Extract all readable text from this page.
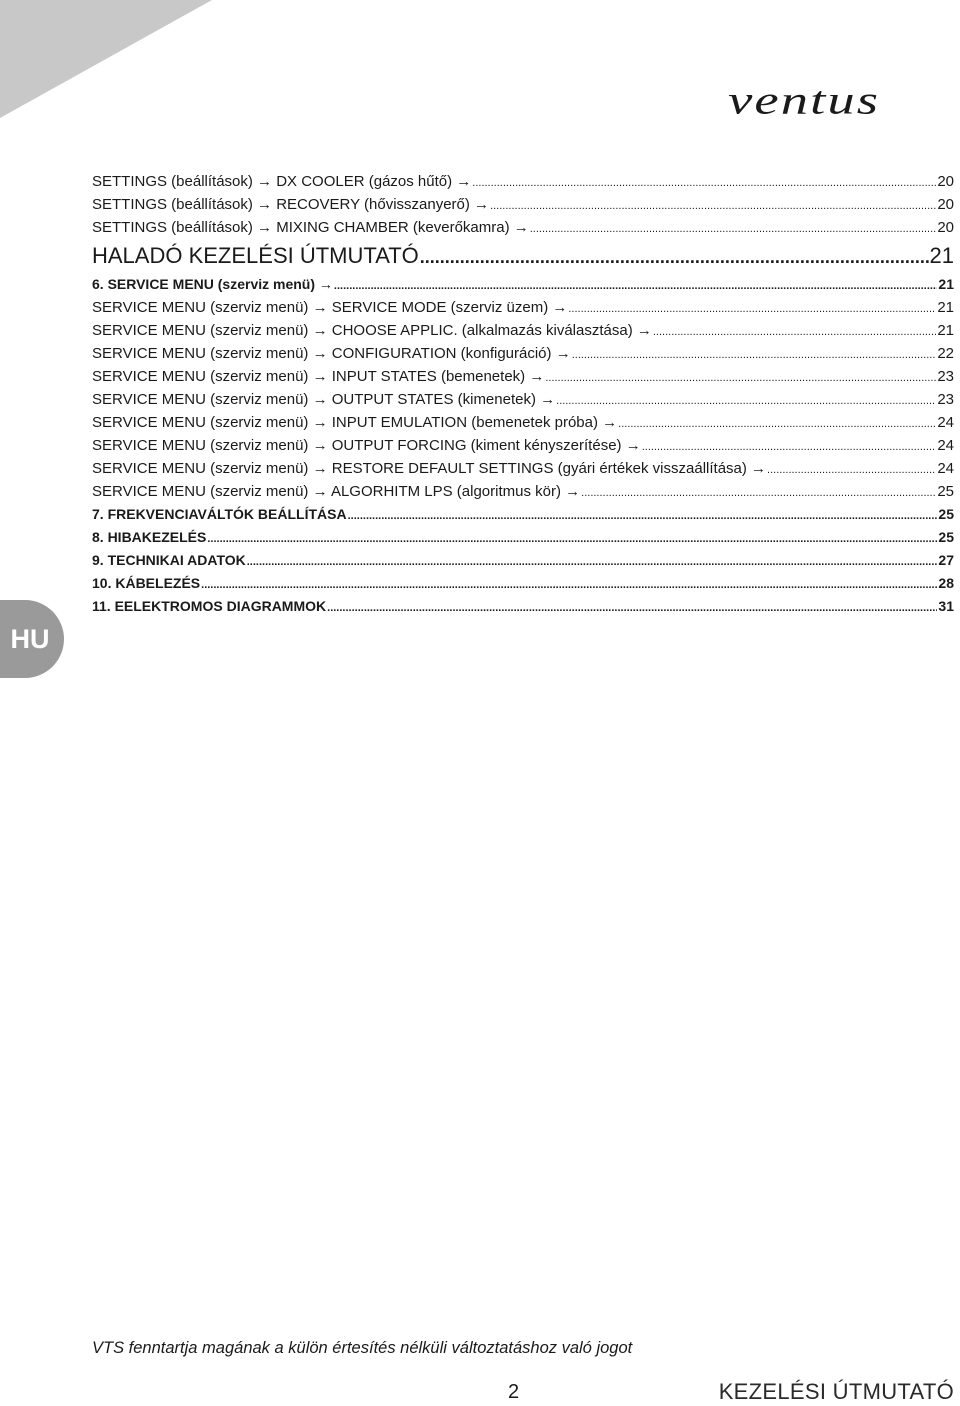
ventus
SETTINGS (beállítások) → DX COOLER (gázos hűtő) → .....	20
SETTINGS (beállítások) → RECOVERY (hővisszanyerő) → .....	20
SETTINGS (beállítások) → MIXING CHAMBER (keverőkamra) → .....	20
HALADÓ KEZELÉSI ÚTMUTATÓ .....	21
6. SERVICE MENU (szerviz menü) → .....	21
SERVICE MENU (szerviz menü) → SERVICE MODE (szerviz üzem) → .....	21
SERVICE MENU (szerviz menü) → CHOOSE APPLIC. (alkalmazás kiválasztása) → .....	21
SERVICE MENU (szerviz menü) → CONFIGURATION (konfiguráció) → .....	22
SERVICE MENU (szerviz menü) → INPUT STATES (bemenetek) → .....	23
SERVICE MENU (szerviz menü) → OUTPUT STATES (kimenetek) → .....	23
SERVICE MENU (szerviz menü) → INPUT EMULATION (bemenetek próba) → .....	24
SERVICE MENU (szerviz menü) → OUTPUT FORCING (kiment kényszerítése) → .....	24
SERVICE MENU (szerviz menü) → RESTORE DEFAULT SETTINGS (gyári értékek visszaállítása) → .....	24
SERVICE MENU (szerviz menü) → ALGORHITM LPS (algoritmus kör) → .....	25
7. FREKVENCIAVÁLTÓK BEÁLLÍTÁSA .....	25
8. HIBAKEZELÉS .....	25
9. TECHNIKAI ADATOK .....	27
10. KÁBELEZÉS .....	28
11. EELEKTROMOS DIAGRAMMOK .....	31
HU
VTS fenntartja magának a külön értesítés nélküli változtatáshoz való jogot
2	KEZELÉSI ÚTMUTATÓ
